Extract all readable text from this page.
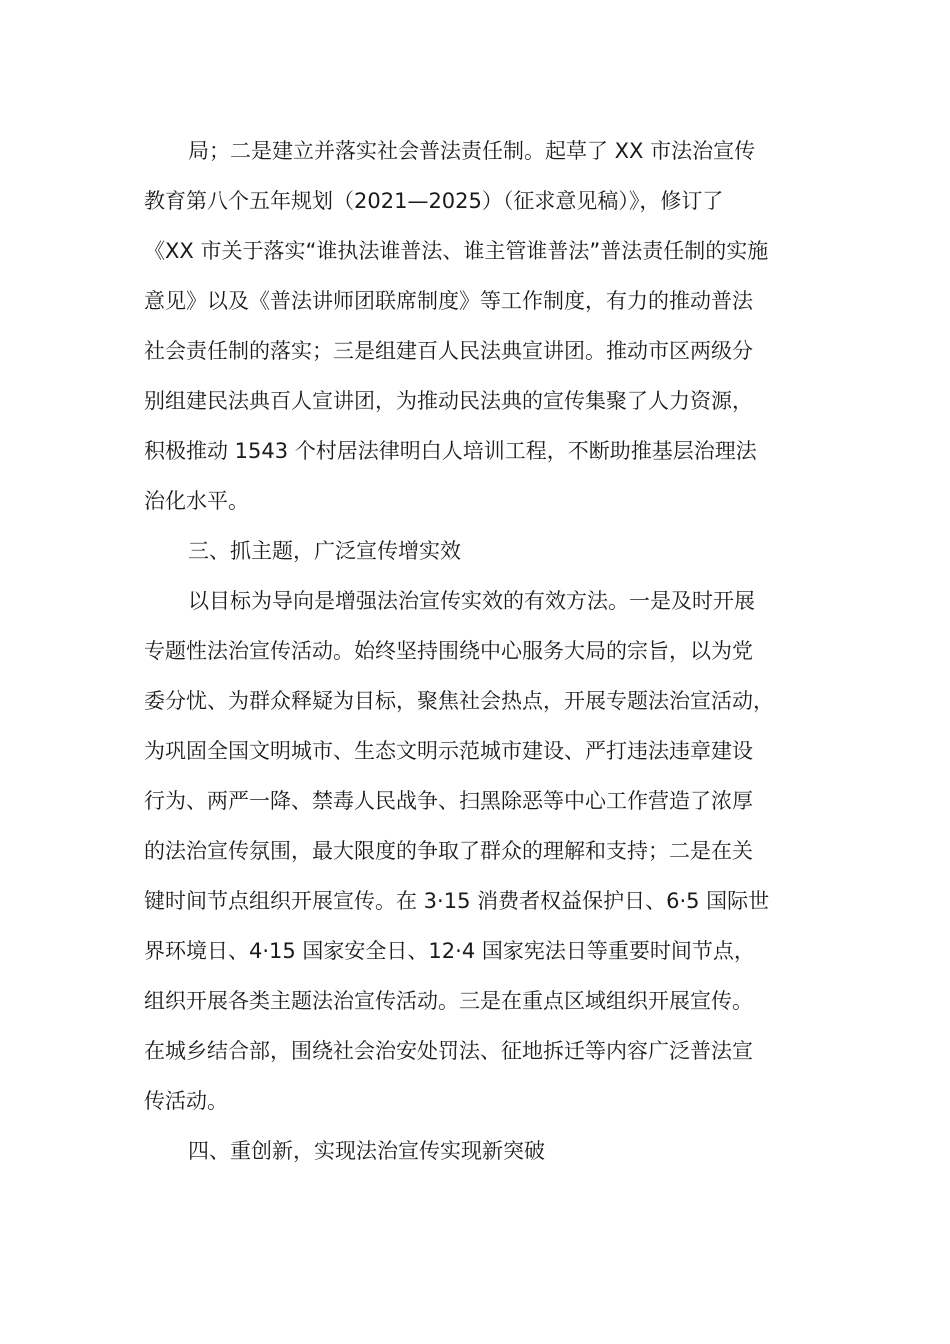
局；二是建立并落实社会普法责任制。起草了 XX 市法治宣传
教育第八个五年规划（2021—2025）（征求意见稿）》，修订了
《XX 市关于落实“谁执法谁普法、谁主管谁普法”普法责任制的实施
意见》以及《普法讲师团联席制度》等工作制度，有力的推动普法
社会责任制的落实；三是组建百人民法典宣讲团。推动市区两级分
别组建民法典百人宣讲团，为推动民法典的宣传集聚了人力资源，
积极推动 1543 个村居法律明白人培训工程，不断助推基层治理法
治化水平。
三、抓主题，广泛宣传增实效
以目标为导向是增强法治宣传实效的有效方法。一是及时开展
专题性法治宣传活动。始终坚持围绕中心服务大局的宗旨，以为党
委分忧、为群众释疑为目标，聚焦社会热点，开展专题法治宣活动，
为巩固全国文明城市、生态文明示范城市建设、严打违法违章建设
行为、两严一降、禁毒人民战争、扫黑除恶等中心工作营造了浓厚
的法治宣传氛围，最大限度的争取了群众的理解和支持；二是在关
键时间节点组织开展宣传。在 3·15 消费者权益保护日、6·5 国际世
界环境日、4·15 国家安全日、12·4 国家宪法日等重要时间节点，
组织开展各类主题法治宣传活动。三是在重点区域组织开展宣传。
在城乡结合部，围绕社会治安处罚法、征地拆迁等内容广泛普法宣
传活动。
四、重创新，实现法治宣传实现新突破
